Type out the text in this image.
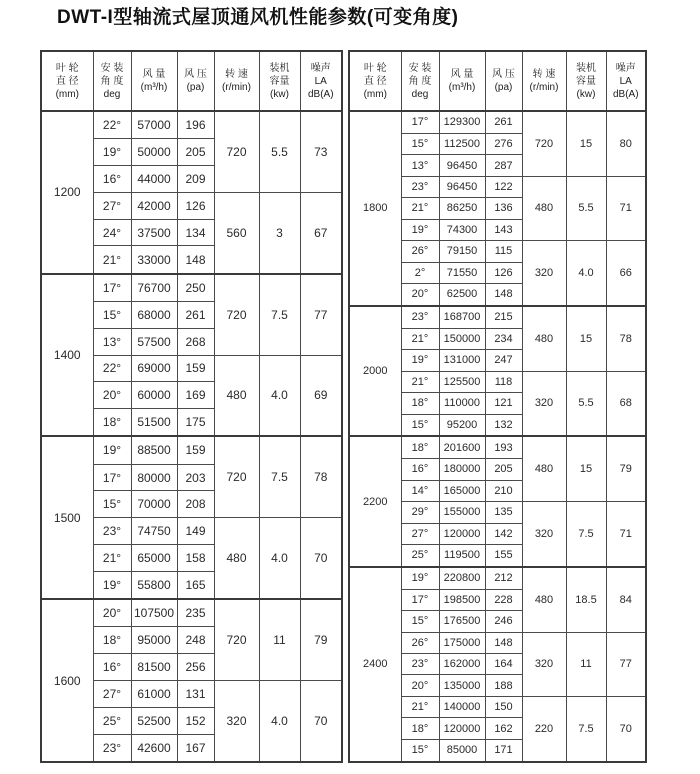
DWT-I型轴流式屋顶通风机性能参数(可变角度)
叶 轮
直 径
(mm)	安 装
角 度
deg	风 量
(m³/h)	风 压
(pa)	转 速
(r/min)	装机
容量
(kw)	噪声
LA
dB(A)

1200	22°	57000	196	720	5.5	73
	19°	50000	205			
	16°	44000	209			
	27°	42000	126	560	3	67
	24°	37500	134			
	21°	33000	148			
1400	17°	76700	250	720	7.5	77
	15°	68000	261			
	13°	57500	268			
	22°	69000	159	480	4.0	69
	20°	60000	169			
	18°	51500	175			
1500	19°	88500	159	720	7.5	78
	17°	80000	203			
	15°	70000	208			
	23°	74750	149	480	4.0	70
	21°	65000	158			
	19°	55800	165			
1600	20°	107500	235	720	11	79
	18°	95000	248			
	16°	81500	256			
	27°	61000	131	320	4.0	70
	25°	52500	152			
	23°	42600	167			
叶 轮
直 径
(mm)	安 装
角 度
deg	风 量
(m³/h)	风 压
(pa)	转 速
(r/min)	装机
容量
(kw)	噪声
LA
dB(A)

1800	17°	129300	261	720	15	80
	15°	112500	276			
	13°	96450	287			
	23°	96450	122	480	5.5	71
	21°	86250	136			
	19°	74300	143			
	26°	79150	115	320	4.0	66
	2°	71550	126			
	20°	62500	148			
2000	23°	168700	215	480	15	78
	21°	150000	234			
	19°	131000	247			
	21°	125500	118	320	5.5	68
	18°	110000	121			
	15°	95200	132			
2200	18°	201600	193	480	15	79
	16°	180000	205			
	14°	165000	210			
	29°	155000	135	320	7.5	71
	27°	120000	142			
	25°	119500	155			
2400	19°	220800	212	480	18.5	84
	17°	198500	228			
	15°	176500	246			
	26°	175000	148	320	11	77
	23°	162000	164			
	20°	135000	188			
	21°	140000	150	220	7.5	70
	18°	120000	162			
	15°	85000	171			
